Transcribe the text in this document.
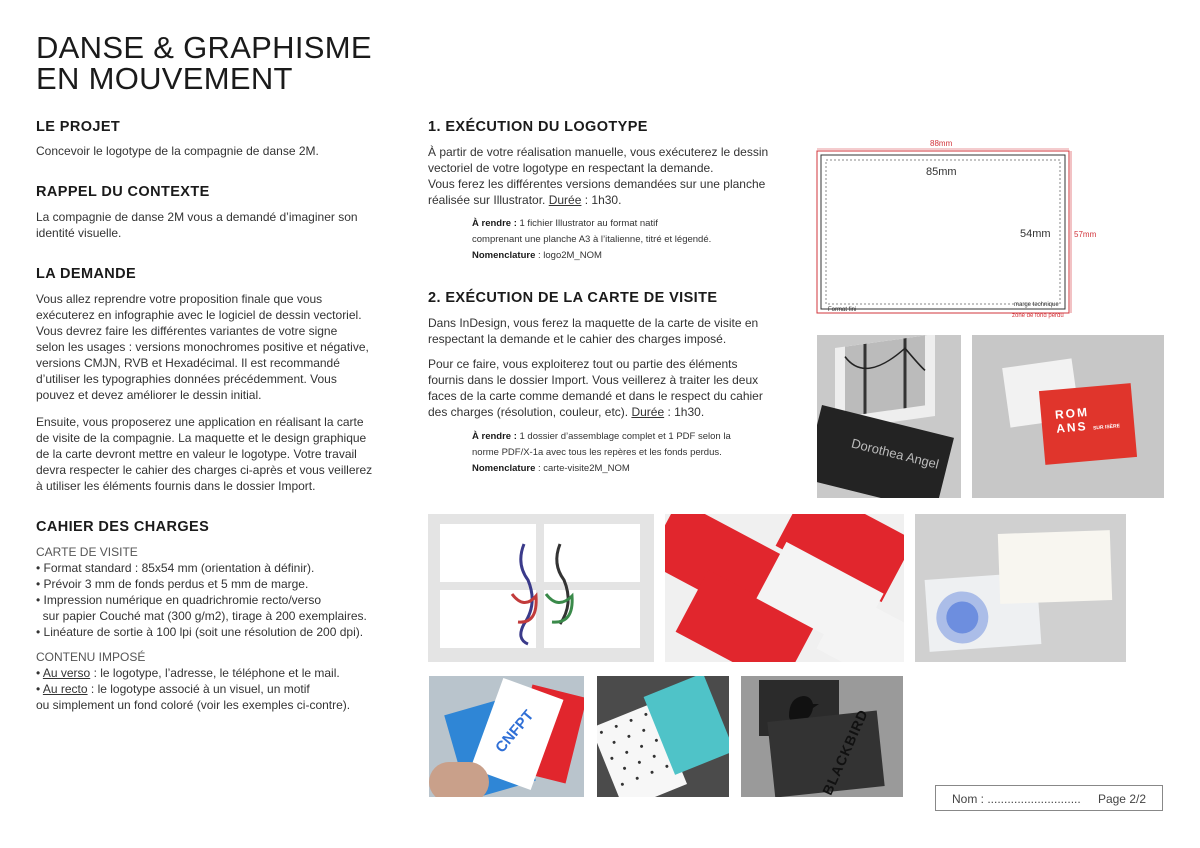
DANSE & GRAPHISME
EN MOUVEMENT
LE PROJET

Concevoir le logotype de la compagnie de danse 2M.

RAPPEL DU CONTEXTE
La compagnie de danse 2M vous a demandé d’imaginer son
identité visuelle.
LA DEMANDE
Vous allez reprendre votre proposition finale que vous
exécuterez en infographie avec le logiciel de dessin vectoriel.
Vous devrez faire les différentes variantes de votre signe
selon les usages : versions monochromes positive et négative,
versions CMJN, RVB et Hexadécimal. Il est recommandé
d’utiliser les typographies données précédemment. Vous
pouvez et devez améliorer le dessin initial.
Ensuite, vous proposerez une application en réalisant la carte
de visite de la compagnie. La maquette et le design graphique
de la carte devront mettre en valeur le logotype. Votre travail
devra respecter le cahier des charges ci-après et vous veillerez
à utiliser les éléments fournis dans le dossier Import.
CAHIER DES CHARGES

CARTE DE VISITE

• Format standard : 85x54 mm (orientation à définir).
• Prévoir 3 mm de fonds perdus et 5 mm de marge.
• Impression numérique en quadrichromie recto/verso
sur papier Couché mat (300 g/m2), tirage à 200 exemplaires.
• Linéature de sortie à 100 lpi (soit une résolution de 200 dpi).

CONTENU IMPOSÉ

• Au verso : le logotype, l’adresse, le téléphone et le mail.
• Au recto : le logotype associé à un visuel, un motif
ou simplement un fond coloré (voir les exemples ci-contre).
1. EXÉCUTION DU LOGOTYPE
À partir de votre réalisation manuelle, vous exécuterez le dessin
vectoriel de votre logotype en respectant la demande.
Vous ferez les différentes versions demandées sur une planche
réalisée sur Illustrator. Durée : 1h30.
À rendre : 1 fichier Illustrator au format natif
comprenant une planche A3 à l’italienne, titré et légendé.
Nomenclature : logo2M_NOM
2. EXÉCUTION DE LA CARTE DE VISITE
Dans InDesign, vous ferez la maquette de la carte de visite en
respectant la demande et le cahier des charges imposé.
Pour ce faire, vous exploiterez tout ou partie des éléments
fournis dans le dossier Import. Vous veillerez à traiter les deux
faces de la carte comme demandé et dans le respect du cahier
des charges (résolution, couleur, etc). Durée : 1h30.
À rendre : 1 dossier d’assemblage complet et 1 PDF selon la
norme PDF/X-1a avec tous les repères et les fonds perdus.
Nomenclature : carte-visite2M_NOM
88mm
85mm
54mm	57mm
marge technique
Format fini
zone de fond perdu
Dorothea Angel
ROM
ANS SUR ISÈRE
CNFPT	BLACKBIRD
Nom : ............................ Page 2/2
